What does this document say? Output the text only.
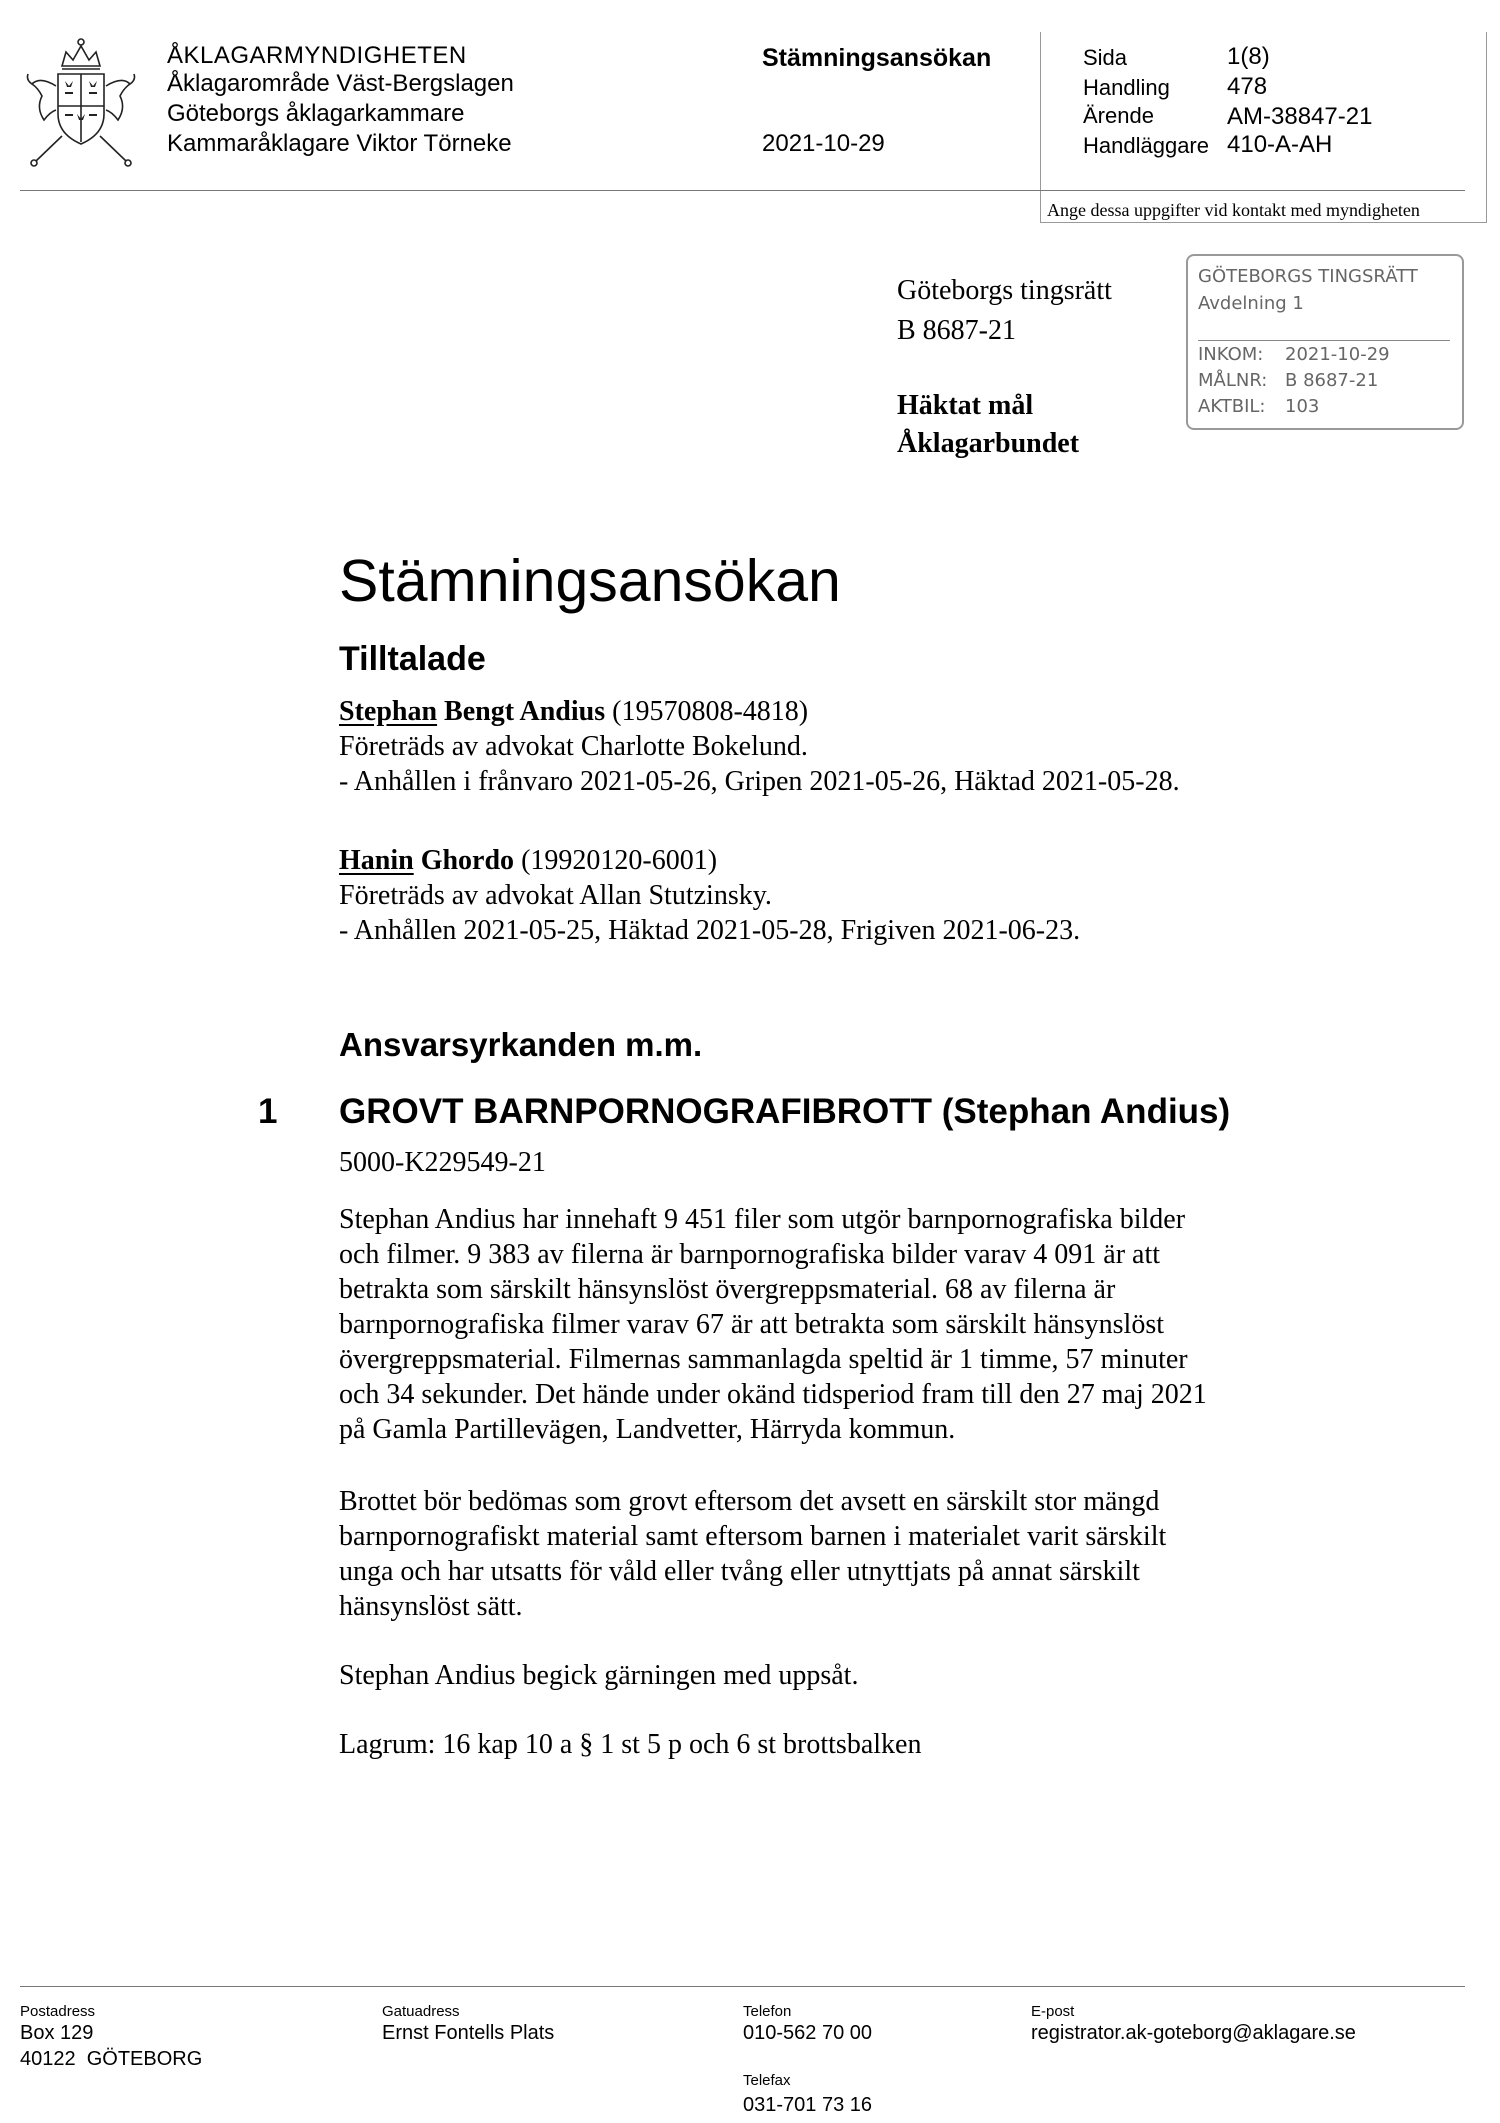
ÅKLAGARMYNDIGHETEN
Åklagarområde Väst-Bergslagen
Göteborgs åklagarkammare
Kammaråklagare Viktor Törneke
Stämningsansökan
2021-10-29
Sida	1(8)
Handling 478
Ärende	AM-38847-21
Handläggare 410-A-AH
Ange dessa uppgifter vid kontakt med myndigheten
Göteborgs tingsrätt
B 8687-21
Häktat mål
Åklagarbundet
GÖTEBORGS TINGSRÄTT
Avdelning 1
INKOM: 2021-10-29
MÅLNR: B 8687-21
AKTBIL: 103
Stämningsansökan
Tilltalade
Stephan Bengt Andius (19570808-4818)
Företräds av advokat Charlotte Bokelund.
- Anhållen i frånvaro 2021-05-26, Gripen 2021-05-26, Häktad 2021-05-28.
Hanin Ghordo (19920120-6001)
Företräds av advokat Allan Stutzinsky.
- Anhållen 2021-05-25, Häktad 2021-05-28, Frigiven 2021-06-23.
Ansvarsyrkanden m.m.
1 GROVT BARNPORNOGRAFIBROTT (Stephan Andius)
5000-K229549-21
Stephan Andius har innehaft 9 451 filer som utgör barnpornografiska bilder
och filmer. 9 383 av filerna är barnpornografiska bilder varav 4 091 är att
betrakta som särskilt hänsynslöst övergreppsmaterial. 68 av filerna är
barnpornografiska filmer varav 67 är att betrakta som särskilt hänsynslöst
övergreppsmaterial. Filmernas sammanlagda speltid är 1 timme, 57 minuter
och 34 sekunder. Det hände under okänd tidsperiod fram till den 27 maj 2021
på Gamla Partillevägen, Landvetter, Härryda kommun.
Brottet bör bedömas som grovt eftersom det avsett en särskilt stor mängd
barnpornografiskt material samt eftersom barnen i materialet varit särskilt
unga och har utsatts för våld eller tvång eller utnyttjats på annat särskilt
hänsynslöst sätt.
Stephan Andius begick gärningen med uppsåt.
Lagrum: 16 kap 10 a § 1 st 5 p och 6 st brottsbalken
Postadress
Box 129
40122  GÖTEBORG
Gatuadress
Ernst Fontells Plats
Telefon
010-562 70 00
Telefax
031-701 73 16
E-post
registrator.ak-goteborg@aklagare.se
